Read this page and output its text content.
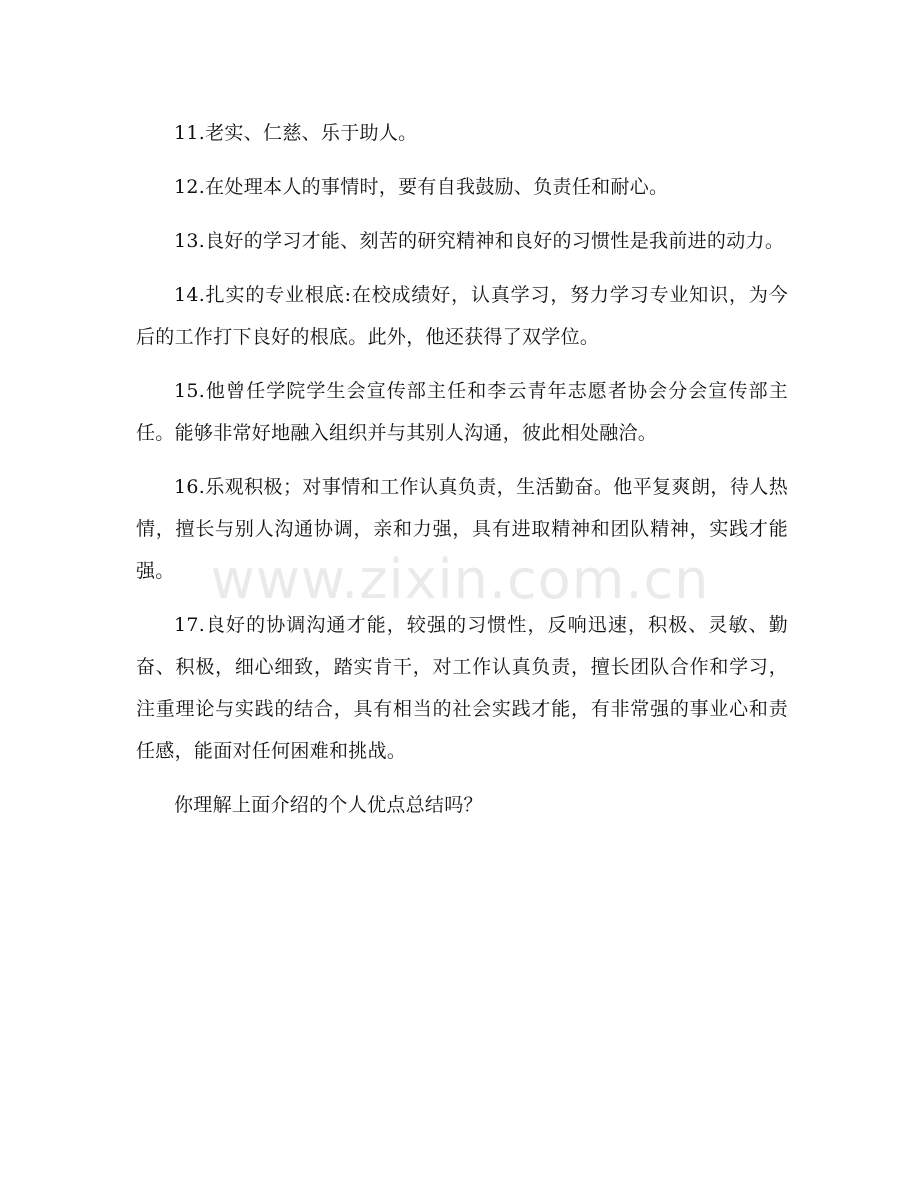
11.老实、仁慈、乐于助人。

12.在处理本人的事情时，要有自我鼓励、负责任和耐心。

13.良好的学习才能、刻苦的研究精神和良好的习惯性是我前进的动力。

14.扎实的专业根底:在校成绩好，认真学习，努力学习专业知识，为今后的工作打下良好的根底。此外，他还获得了双学位。

15.他曾任学院学生会宣传部主任和李云青年志愿者协会分会宣传部主任。能够非常好地融入组织并与其别人沟通，彼此相处融洽。

16.乐观积极；对事情和工作认真负责，生活勤奋。他平复爽朗，待人热情，擅长与别人沟通协调，亲和力强，具有进取精神和团队精神，实践才能强。

17.良好的协调沟通才能，较强的习惯性，反响迅速，积极、灵敏、勤奋、积极，细心细致，踏实肯干，对工作认真负责，擅长团队合作和学习，注重理论与实践的结合，具有相当的社会实践才能，有非常强的事业心和责任感，能面对任何困难和挑战。

你理解上面介绍的个人优点总结吗？

www.zixin.com.cn
